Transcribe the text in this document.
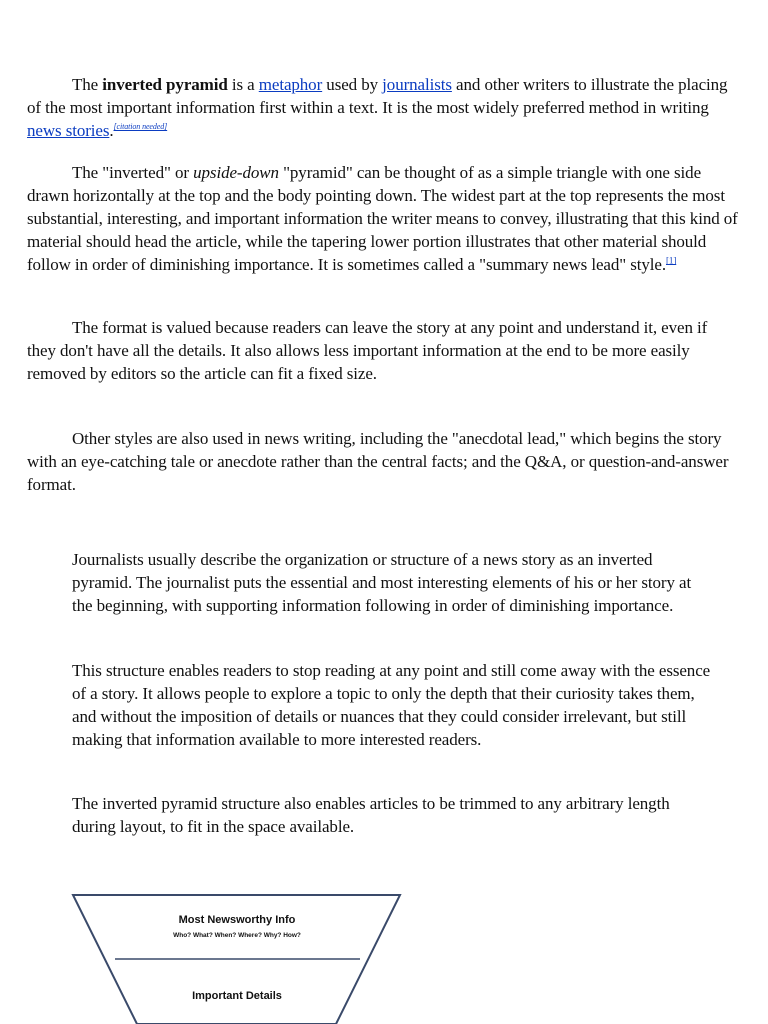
The inverted pyramid is a metaphor used by journalists and other writers to illustrate the placing of the most important information first within a text. It is the most widely preferred method in writing news stories.[citation needed]

The "inverted" or upside-down "pyramid" can be thought of as a simple triangle with one side drawn horizontally at the top and the body pointing down. The widest part at the top represents the most substantial, interesting, and important information the writer means to convey, illustrating that this kind of material should head the article, while the tapering lower portion illustrates that other material should follow in order of diminishing importance. It is sometimes called a "summary news lead" style.[1]

The format is valued because readers can leave the story at any point and understand it, even if they don't have all the details. It also allows less important information at the end to be more easily removed by editors so the article can fit a fixed size.

Other styles are also used in news writing, including the "anecdotal lead," which begins the story with an eye-catching tale or anecdote rather than the central facts; and the Q&A, or question-and-answer format.

Journalists usually describe the organization or structure of a news story as an inverted pyramid. The journalist puts the essential and most interesting elements of his or her story at the beginning, with supporting information following in order of diminishing importance.

This structure enables readers to stop reading at any point and still come away with the essence of a story. It allows people to explore a topic to only the depth that their curiosity takes them, and without the imposition of details or nuances that they could consider irrelevant, but still making that information available to more interested readers.

The inverted pyramid structure also enables articles to be trimmed to any arbitrary length during layout, to fit in the space available.

Most Newsworthy Info
Who? What? When? Where? Why? How?
Important Details
